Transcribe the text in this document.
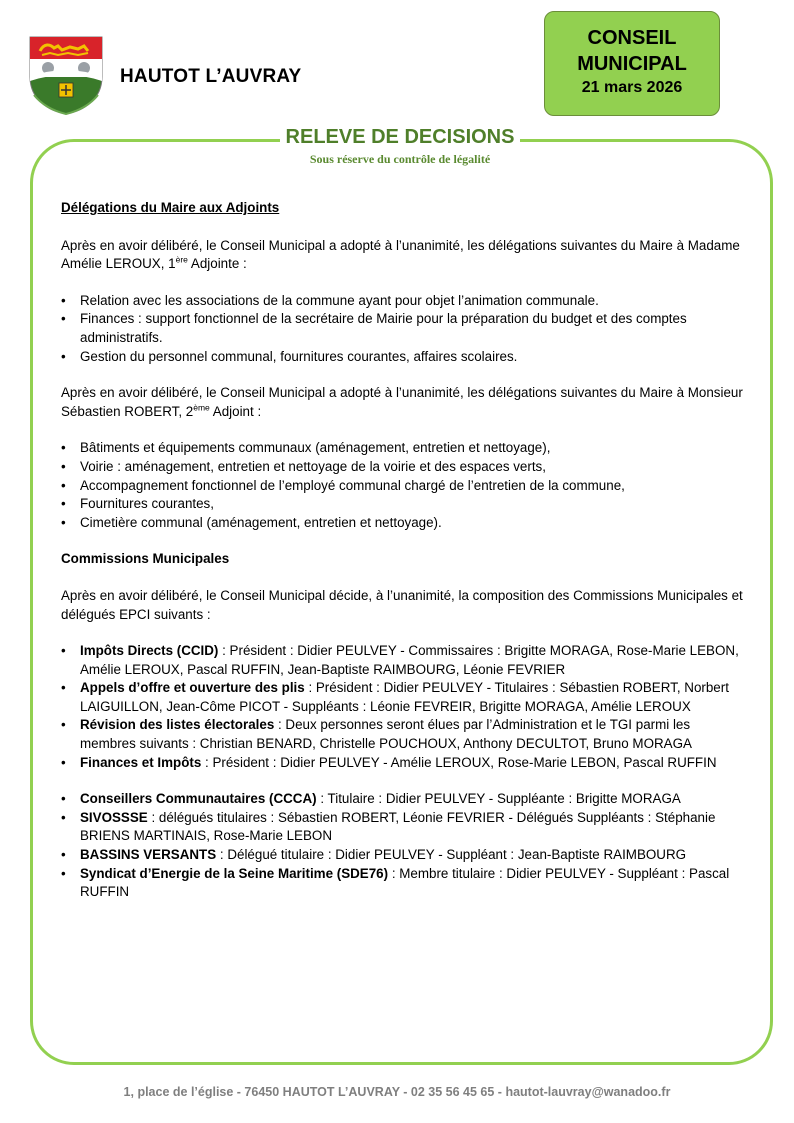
HAUTOT L’AUVRAY
CONSEIL
MUNICIPAL
21 mars 2026
RELEVE DE DECISIONS
Sous réserve du contrôle de légalité

Délégations du Maire aux Adjoints

Après en avoir délibéré, le Conseil Municipal a adopté à l’unanimité, les délégations suivantes du Maire à Madame Amélie LEROUX, 1ère Adjointe :

• Relation avec les associations de la commune ayant pour objet l’animation communale.
• Finances : support fonctionnel de la secrétaire de Mairie pour la préparation du budget et des comptes administratifs.
• Gestion du personnel communal, fournitures courantes, affaires scolaires.

Après en avoir délibéré, le Conseil Municipal a adopté à l’unanimité, les délégations suivantes du Maire à Monsieur Sébastien ROBERT, 2ème Adjoint :

• Bâtiments et équipements communaux (aménagement, entretien et nettoyage),
• Voirie : aménagement, entretien et nettoyage de la voirie et des espaces verts,
• Accompagnement fonctionnel de l’employé communal chargé de l’entretien de la commune,
• Fournitures courantes,
• Cimetière communal (aménagement, entretien et nettoyage).

Commissions Municipales

Après en avoir délibéré, le Conseil Municipal décide, à l’unanimité, la composition des Commissions Municipales et délégués EPCI suivants :

• Impôts Directs (CCID) : Président : Didier PEULVEY - Commissaires : Brigitte MORAGA, Rose-Marie LEBON, Amélie LEROUX, Pascal RUFFIN, Jean-Baptiste RAIMBOURG, Léonie FEVRIER
• Appels d’offre et ouverture des plis : Président : Didier PEULVEY - Titulaires : Sébastien ROBERT, Norbert LAIGUILLON, Jean-Côme PICOT - Suppléants : Léonie FEVREIR, Brigitte MORAGA, Amélie LEROUX
• Révision des listes électorales : Deux personnes seront élues par l’Administration et le TGI parmi les membres suivants : Christian BENARD, Christelle POUCHOUX, Anthony DECULTOT, Bruno MORAGA
• Finances et Impôts : Président : Didier PEULVEY - Amélie LEROUX, Rose-Marie LEBON, Pascal RUFFIN
• Conseillers Communautaires (CCCA) : Titulaire : Didier PEULVEY - Suppléante : Brigitte MORAGA
• SIVOSSSE : délégués titulaires : Sébastien ROBERT, Léonie FEVRIER - Délégués Suppléants : Stéphanie BRIENS MARTINAIS, Rose-Marie LEBON
• BASSINS VERSANTS : Délégué titulaire : Didier PEULVEY - Suppléant : Jean-Baptiste RAIMBOURG
• Syndicat d’Energie de la Seine Maritime (SDE76) : Membre titulaire : Didier PEULVEY - Suppléant : Pascal RUFFIN
1, place de l’église - 76450 HAUTOT L’AUVRAY - 02 35 56 45 65 - hautot-lauvray@wanadoo.fr
